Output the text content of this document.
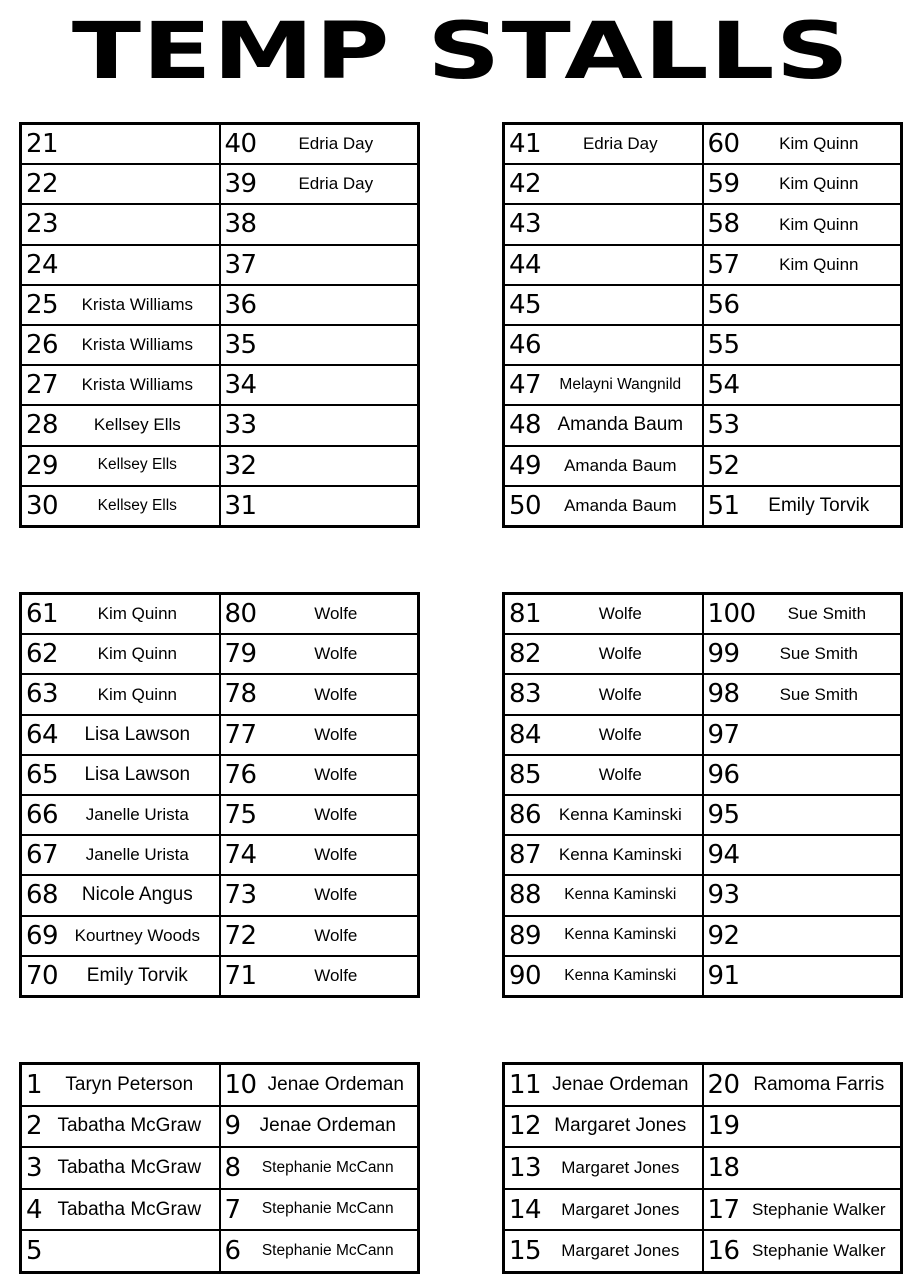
TEMP STALLS
21	40 Edria Day

22	39 Edria Day

23	38

24	37

25 Krista Williams	36

26 Krista Williams	35

27 Krista Williams	34

28 Kellsey Ells	33

29 Kellsey Ells	32

30 Kellsey Ells	31
41 Edria Day	60 Kim Quinn

42	59 Kim Quinn

43	58 Kim Quinn

44	57 Kim Quinn

45	56

46	55

47 Melayni Wangnild	54

48 Amanda Baum	53

49 Amanda Baum	52

50 Amanda Baum	51 Emily Torvik
61 Kim Quinn	80 Wolfe

62 Kim Quinn	79 Wolfe

63 Kim Quinn	78 Wolfe

64 Lisa Lawson	77 Wolfe

65 Lisa Lawson	76 Wolfe

66 Janelle Urista	75 Wolfe

67 Janelle Urista	74 Wolfe

68 Nicole Angus	73 Wolfe

69 Kourtney Woods	72 Wolfe

70 Emily Torvik	71 Wolfe
81 Wolfe	100 Sue Smith

82 Wolfe	99 Sue Smith

83 Wolfe	98 Sue Smith

84 Wolfe	97

85 Wolfe	96

86 Kenna Kaminski	95

87 Kenna Kaminski	94

88 Kenna Kaminski	93

89 Kenna Kaminski	92

90 Kenna Kaminski	91
1 Taryn Peterson	10 Jenae Ordeman

2 Tabatha McGraw	9 Jenae Ordeman

3 Tabatha McGraw	8 Stephanie McCann

4 Tabatha McGraw	7 Stephanie McCann

5	6 Stephanie McCann
11 Jenae Ordeman	20 Ramoma Farris

12 Margaret Jones	19

13 Margaret Jones	18

14 Margaret Jones	17 Stephanie Walker

15 Margaret Jones	16 Stephanie Walker
